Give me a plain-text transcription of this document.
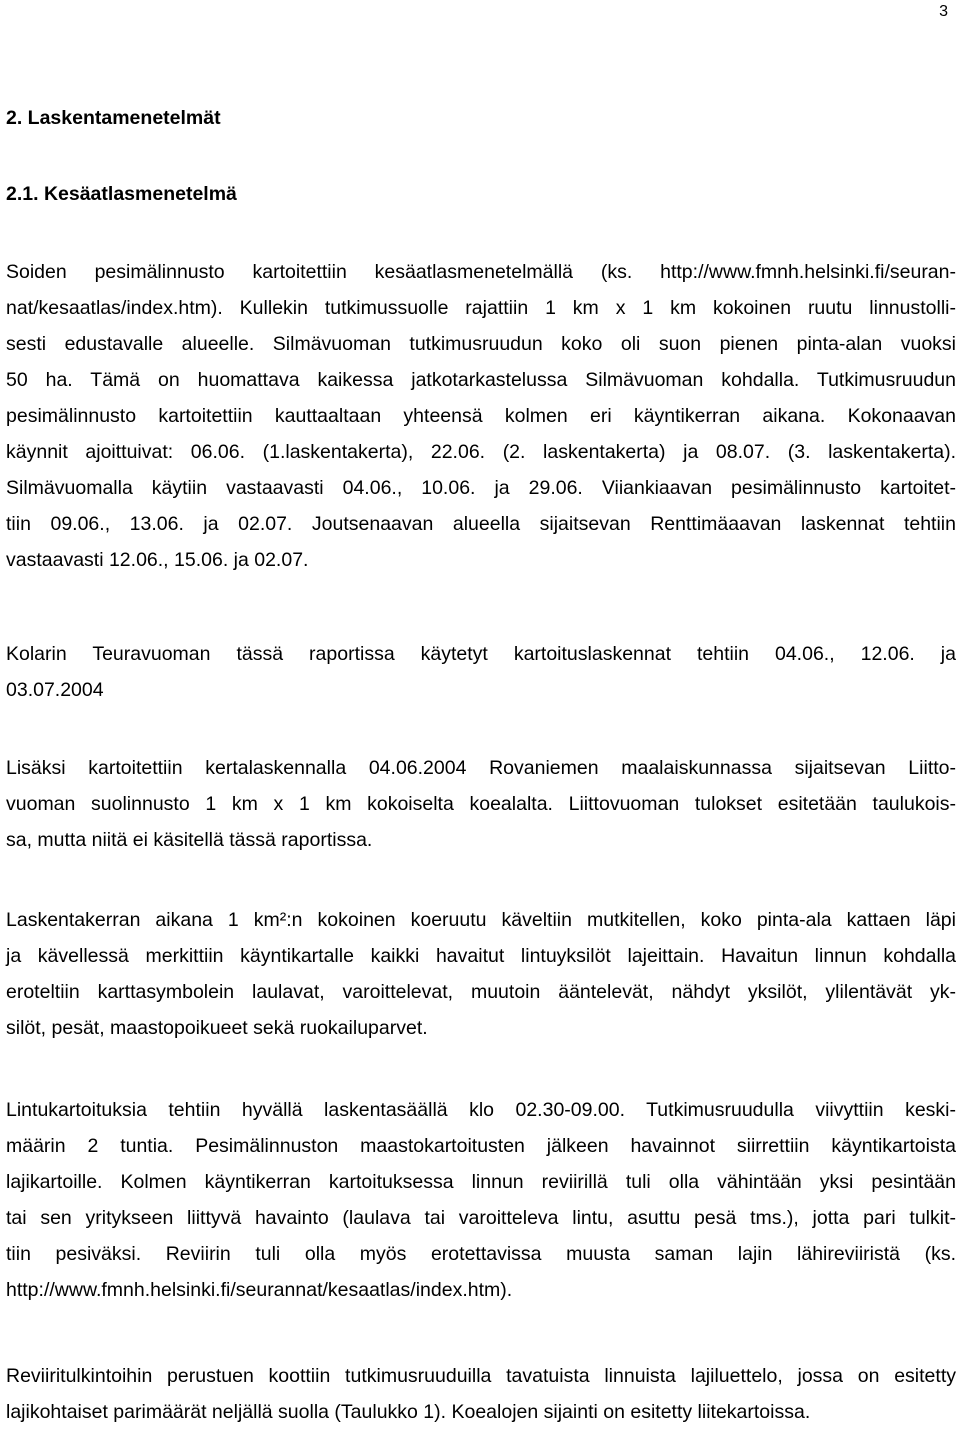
3
2. Laskentamenetelmät
2.1. Kesäatlasmenetelmä
Soiden pesimälinnusto kartoitettiin kesäatlasmenetelmällä (ks. http://www.fmnh.helsinki.fi/seuran-
nat/kesaatlas/index.htm). Kullekin tutkimussuolle rajattiin 1 km x 1 km kokoinen ruutu linnustolli-
sesti edustavalle alueelle. Silmävuoman tutkimusruudun koko oli suon pienen pinta-alan vuoksi
50 ha. Tämä on huomattava kaikessa jatkotarkastelussa Silmävuoman kohdalla. Tutkimusruudun
pesimälinnusto kartoitettiin kauttaaltaan yhteensä kolmen eri käyntikerran aikana. Kokonaavan
käynnit ajoittuivat: 06.06. (1.laskentakerta), 22.06. (2. laskentakerta) ja 08.07. (3. laskentakerta).
Silmävuomalla käytiin vastaavasti 04.06., 10.06. ja 29.06. Viiankiaavan pesimälinnusto kartoitet-
tiin 09.06., 13.06. ja 02.07. Joutsenaavan alueella sijaitsevan Renttimäaavan laskennat tehtiin
vastaavasti 12.06., 15.06. ja 02.07.
Kolarin Teuravuoman tässä raportissa käytetyt kartoituslaskennat tehtiin 04.06., 12.06. ja
03.07.2004
Lisäksi kartoitettiin kertalaskennalla 04.06.2004 Rovaniemen maalaiskunnassa sijaitsevan Liitto-
vuoman suolinnusto 1 km x 1 km kokoiselta koealalta. Liittovuoman tulokset esitetään taulukois-
sa, mutta niitä ei käsitellä tässä raportissa.
Laskentakerran aikana 1 km²:n kokoinen koeruutu käveltiin mutkitellen, koko pinta-ala kattaen läpi
ja kävellessä merkittiin käyntikartalle kaikki havaitut lintuyksilöt lajeittain. Havaitun linnun kohdalla
eroteltiin karttasymbolein laulavat, varoittelevat, muutoin ääntelevät, nähdyt yksilöt, ylilentävät yk-
silöt, pesät, maastopoikueet sekä ruokailuparvet.
Lintukartoituksia tehtiin hyvällä laskentasäällä klo 02.30-09.00. Tutkimusruudulla viivyttiin keski-
määrin 2 tuntia. Pesimälinnuston maastokartoitusten jälkeen havainnot siirrettiin käyntikartoista
lajikartoille. Kolmen käyntikerran kartoituksessa linnun reviirillä tuli olla vähintään yksi pesintään
tai sen yritykseen liittyvä havainto (laulava tai varoitteleva lintu, asuttu pesä tms.), jotta pari tulkit-
tiin pesiväksi. Reviirin tuli olla myös erotettavissa muusta saman lajin lähireviiristä (ks.
http://www.fmnh.helsinki.fi/seurannat/kesaatlas/index.htm).
Reviiritulkintoihin perustuen koottiin tutkimusruuduilla tavatuista linnuista lajiluettelo, jossa on esitetty
lajikohtaiset parimäärät neljällä suolla (Taulukko 1). Koealojen sijainti on esitetty liitekartoissa.
